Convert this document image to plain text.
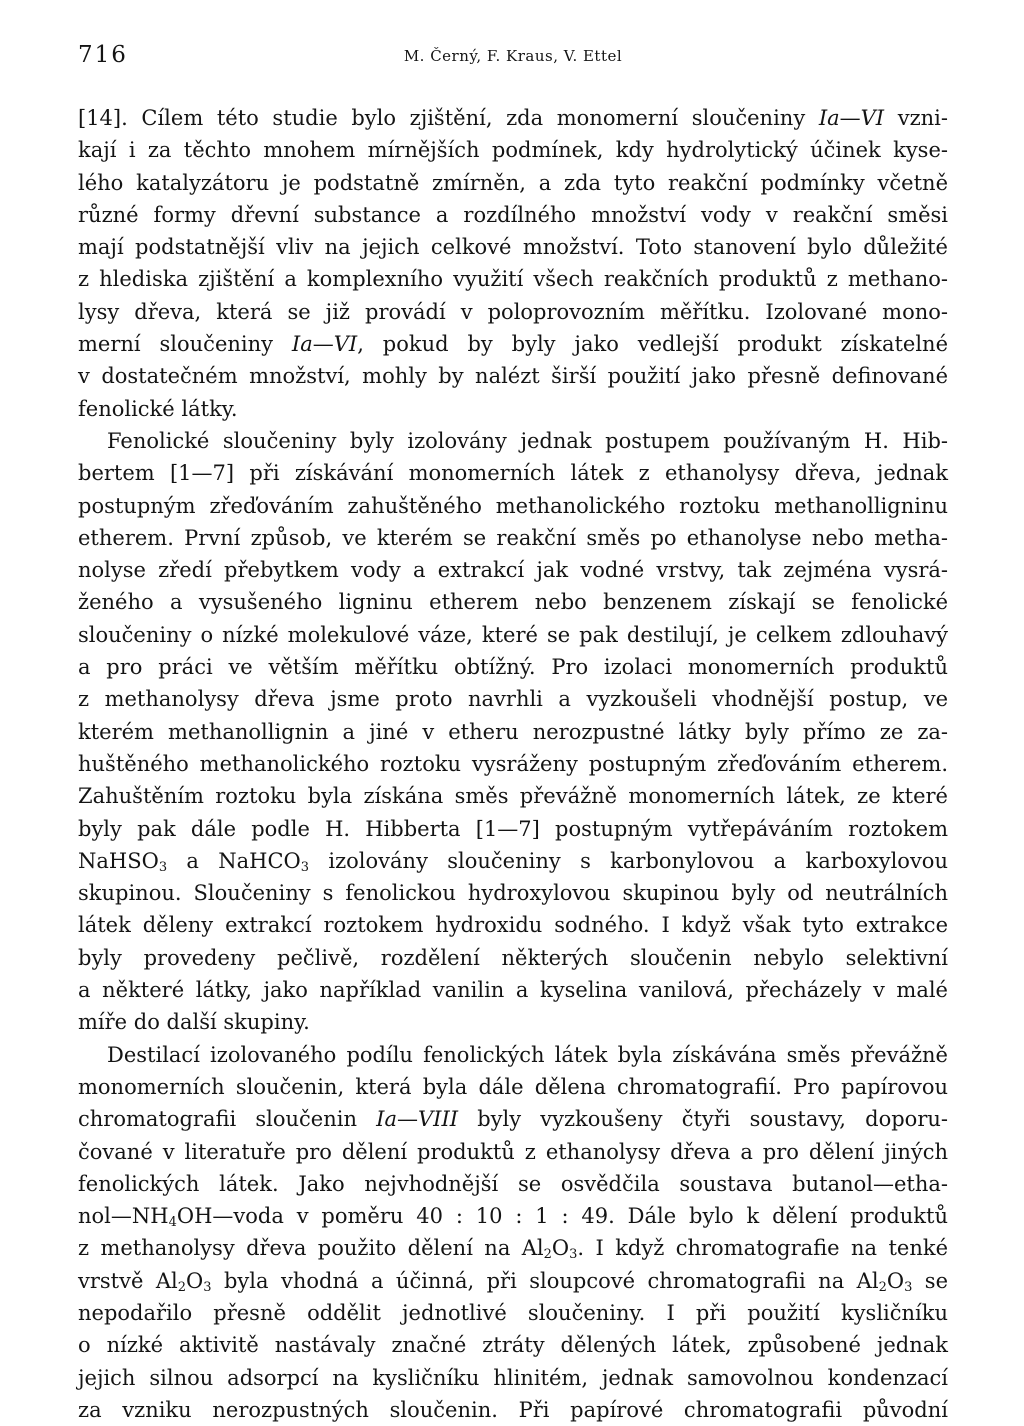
716	M. Černý, F. Kraus, V. Ettel
[14]. Cílem této studie bylo zjištění, zda monomerní sloučeniny Ia—VI vzni-
kají i za těchto mnohem mírnějších podmínek, kdy hydrolytický účinek kyse-
lého katalyzátoru je podstatně zmírněn, a zda tyto reakční podmínky včetně
různé formy dřevní substance a rozdílného množství vody v reakční směsi
mají podstatnější vliv na jejich celkové množství. Toto stanovení bylo důležité
z hlediska zjištění a komplexního využití všech reakčních produktů z methano-
lysy dřeva, která se již provádí v poloprovozním měřítku. Izolované mono-
merní sloučeniny Ia—VI, pokud by byly jako vedlejší produkt získatelné
v dostatečném množství, mohly by nalézt širší použití jako přesně definované
fenolické látky.
Fenolické sloučeniny byly izolovány jednak postupem používaným H. Hib-
bertem [1—7] při získávání monomerních látek z ethanolysy dřeva, jednak
postupným zřeďováním zahuštěného methanolického roztoku methanolligninu
etherem. První způsob, ve kterém se reakční směs po ethanolyse nebo metha-
nolyse zředí přebytkem vody a extrakcí jak vodné vrstvy, tak zejména vysrá-
ženého a vysušeného ligninu etherem nebo benzenem získají se fenolické
sloučeniny o nízké molekulové váze, které se pak destilují, je celkem zdlouhavý
a pro práci ve větším měřítku obtížný. Pro izolaci monomerních produktů
z methanolysy dřeva jsme proto navrhli a vyzkoušeli vhodnější postup, ve
kterém methanollignin a jiné v etheru nerozpustné látky byly přímo ze za-
huštěného methanolického roztoku vysráženy postupným zřeďováním etherem.
Zahuštěním roztoku byla získána směs převážně monomerních látek, ze které
byly pak dále podle H. Hibberta [1—7] postupným vytřepáváním roztokem
NaHSO$_3$ a NaHCO$_3$ izolovány sloučeniny s karbonylovou a karboxylovou
skupinou. Sloučeniny s fenolickou hydroxylovou skupinou byly od neutrálních
látek děleny extrakcí roztokem hydroxidu sodného. I když však tyto extrakce
byly provedeny pečlivě, rozdělení některých sloučenin nebylo selektivní
a některé látky, jako například vanilin a kyselina vanilová, přecházely v malé
míře do další skupiny.
Destilací izolovaného podílu fenolických látek byla získávána směs převážně
monomerních sloučenin, která byla dále dělena chromatografií. Pro papírovou
chromatografii sloučenin Ia—VIII byly vyzkoušeny čtyři soustavy, doporu-
čované v literatuře pro dělení produktů z ethanolysy dřeva a pro dělení jiných
fenolických látek. Jako nejvhodnější se osvědčila soustava butanol—etha-
$nol—NH_4OH—voda$ v poměru 40 : 10 : 1 : 49. Dále bylo k dělení produktů
z methanolysy dřeva použito dělení na $Al_2O_3$. I když chromatografie na tenké
vrstvě $Al_2O_3$ byla vhodná a účinná, při sloupcové chromatografii na $Al_2O_3$ se
nepodařilo přesně oddělit jednotlivé sloučeniny. I při použití kysličníku
o nízké aktivitě nastávaly značné ztráty dělených látek, způsobené jednak
jejich silnou adsorpcí na kysličníku hlinitém, jednak samovolnou kondenzací
za vzniku nerozpustných sloučenin. Při papírové chromatografii původní
